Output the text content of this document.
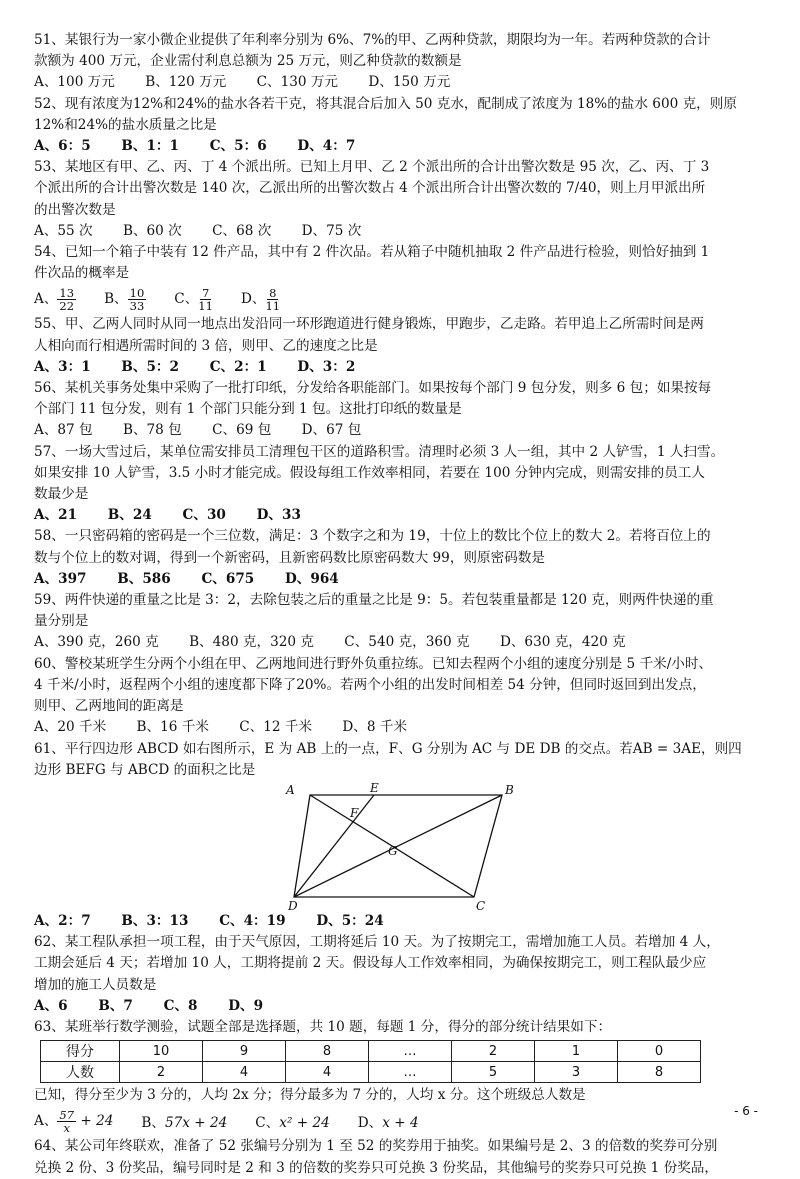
51、某银行为一家小微企业提供了年利率分别为 6%、7%的甲、乙两种贷款，期限均为一年。若两种贷款的合计
款额为 400 万元，企业需付利息总额为 25 万元，则乙种贷款的数额是
A、100 万元 B、120 万元 C、130 万元 D、150 万元
52、现有浓度为12%和24%的盐水各若干克，将其混合后加入 50 克水，配制成了浓度为 18%的盐水 600 克，则原
12%和24%的盐水质量之比是
A、6：5 B、1：1 C、5：6 D、4：7
53、某地区有甲、乙、丙、丁 4 个派出所。已知上月甲、乙 2 个派出所的合计出警次数是 95 次，乙、丙、丁 3
个派出所的合计出警次数是 140 次，乙派出所的出警次数占 4 个派出所合计出警次数的 7/40，则上月甲派出所
的出警次数是
A、55 次 B、60 次 C、68 次 D、75 次
54、已知一个箱子中装有 12 件产品，其中有 2 件次品。若从箱子中随机抽取 2 件产品进行检验，则恰好抽到 1
件次品的概率是
A、 $\frac{13}{22}$ B、 $\frac{10}{33}$ C、 $\frac{7}{11}$ D、 $\frac{8}{11}$
55、甲、乙两人同时从同一地点出发沿同一环形跑道进行健身锻炼，甲跑步，乙走路。若甲追上乙所需时间是两
人相向而行相遇所需时间的 3 倍，则甲、乙的速度之比是
A、3：1 B、5：2 C、2：1 D、3：2
56、某机关事务处集中采购了一批打印纸，分发给各职能部门。如果按每个部门 9 包分发，则多 6 包；如果按每
个部门 11 包分发，则有 1 个部门只能分到 1 包。这批打印纸的数量是
A、87 包 B、78 包 C、69 包 D、67 包
57、一场大雪过后，某单位需安排员工清理包干区的道路积雪。清理时必须 3 人一组，其中 2 人铲雪，1 人扫雪。
如果安排 10 人铲雪，3.5 小时才能完成。假设每组工作效率相同，若要在 100 分钟内完成，则需安排的员工人
数最少是
A、21 B、24 C、30 D、33
58、一只密码箱的密码是一个三位数，满足：3 个数字之和为 19，十位上的数比个位上的数大 2。若将百位上的
数与个位上的数对调，得到一个新密码，且新密码数比原密码数大 99，则原密码数是
A、397 B、586 C、675 D、964
59、两件快递的重量之比是 3：2，去除包装之后的重量之比是 9：5。若包装重量都是 120 克，则两件快递的重
量分别是
A、390 克，260 克 B、480 克，320 克 C、540 克，360 克 D、630 克，420 克
60、警校某班学生分两个小组在甲、乙两地间进行野外负重拉练。已知去程两个小组的速度分别是 5 千米/小时、
4 千米/小时，返程两个小组的速度都下降了20%。若两个小组的出发时间相差 54 分钟，但同时返回到出发点，
则甲、乙两地间的距离是
A、20 千米 B、16 千米 C、12 千米 D、8 千米
61、平行四边形 ABCD 如右图所示，E 为 AB 上的一点，F、G 分别为 AC 与 DE DB 的交点。若AB = 3AE，则四
边形 BEFG 与 ABCD 的面积之比是
A	B
C
D
E
F
G
A、2：7 B、3：13 C、4：19 D、5：24
62、某工程队承担一项工程，由于天气原因，工期将延后 10 天。为了按期完工，需增加施工人员。若增加 4 人，
工期会延后 4 天；若增加 10 人，工期将提前 2 天。假设每人工作效率相同，为确保按期完工，则工程队最少应
增加的施工人员数是
A、6 B、7 C、8 D、9
63、某班举行数学测验，试题全部是选择题，共 10 题，每题 1 分，得分的部分统计结果如下：
得分	10	9	8	…	2	1	0
人数	2	4	4	…	5	3	8
已知，得分至少为 3 分的，人均 2x 分；得分最多为 7 分的，人均 x 分。这个班级总人数是
A、 $\frac{57}{x} + 24$ B、57x + 24 C、x² + 24 D、x + 4
64、某公司年终联欢，准备了 52 张编号分别为 1 至 52 的奖券用于抽奖。如果编号是 2、3 的倍数的奖券可分别
兑换 2 份、3 份奖品，编号同时是 2 和 3 的倍数的奖券只可兑换 3 份奖品，其他编号的奖券只可兑换 1 份奖品，
- 6 -
